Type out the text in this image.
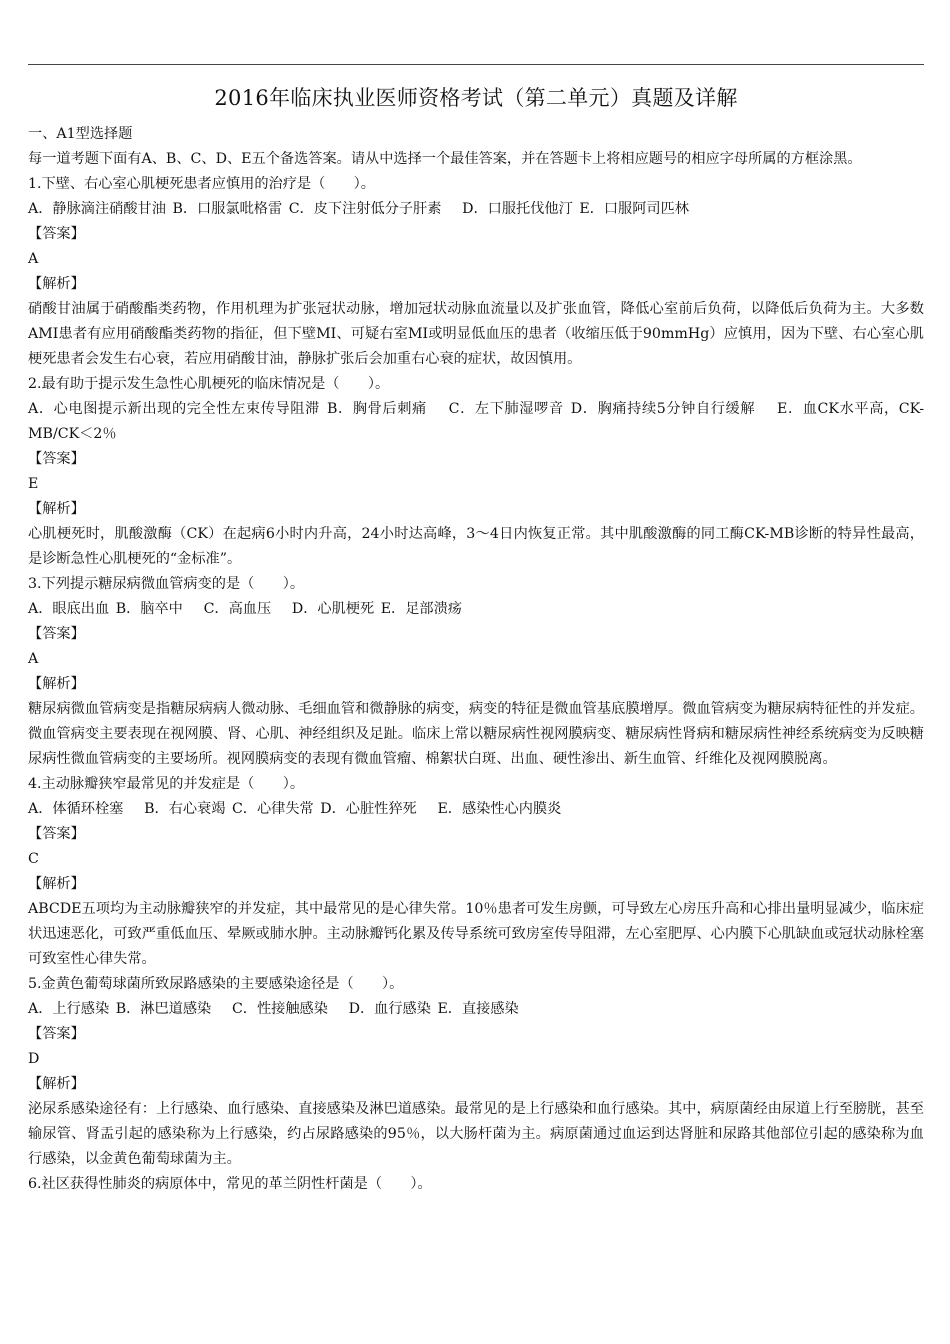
2016年临床执业医师资格考试（第二单元）真题及详解

一、A1型选择题

每一道考题下面有A、B、C、D、E五个备选答案。请从中选择一个最佳答案，并在答题卡上将相应题号的相应字母所属的方框涂黑。

1.下壁、右心室心肌梗死患者应慎用的治疗是（　　）。

A．静脉滴注硝酸甘油 B．口服氯吡格雷 C．皮下注射低分子肝素　 D．口服托伐他汀 E．口服阿司匹林

【答案】

A

【解析】

硝酸甘油属于硝酸酯类药物，作用机理为扩张冠状动脉，增加冠状动脉血流量以及扩张血管，降低心室前后负荷，以降低后负荷为主。大多数AMI患者有应用硝酸酯类药物的指征，但下壁MI、可疑右室MI或明显低血压的患者（收缩压低于90mmHg）应慎用，因为下壁、右心室心肌梗死患者会发生右心衰，若应用硝酸甘油，静脉扩张后会加重右心衰的症状，故因慎用。

2.最有助于提示发生急性心肌梗死的临床情况是（　　）。

A．心电图提示新出现的完全性左束传导阻滞 B．胸骨后刺痛　 C．左下肺湿啰音 D．胸痛持续5分钟自行缓解　 E．血CK水平高，CK-MB/CK＜2％

【答案】

E

【解析】

心肌梗死时，肌酸激酶（CK）在起病6小时内升高，24小时达高峰，3～4日内恢复正常。其中肌酸激酶的同工酶CK-MB诊断的特异性最高，是诊断急性心肌梗死的“金标准”。

3.下列提示糖尿病微血管病变的是（　　）。

A．眼底出血 B．脑卒中　 C．高血压　 D．心肌梗死 E．足部溃疡

【答案】

A

【解析】

糖尿病微血管病变是指糖尿病病人微动脉、毛细血管和微静脉的病变，病变的特征是微血管基底膜增厚。微血管病变为糖尿病特征性的并发症。微血管病变主要表现在视网膜、肾、心肌、神经组织及足趾。临床上常以糖尿病性视网膜病变、糖尿病性肾病和糖尿病性神经系统病变为反映糖尿病性微血管病变的主要场所。视网膜病变的表现有微血管瘤、棉絮状白斑、出血、硬性渗出、新生血管、纤维化及视网膜脱离。

4.主动脉瓣狭窄最常见的并发症是（　　）。

A．体循环栓塞　 B．右心衰竭 C．心律失常 D．心脏性猝死　 E．感染性心内膜炎

【答案】

C

【解析】

ABCDE五项均为主动脉瓣狭窄的并发症，其中最常见的是心律失常。10％患者可发生房颤，可导致左心房压升高和心排出量明显减少，临床症状迅速恶化，可致严重低血压、晕厥或肺水肿。主动脉瓣钙化累及传导系统可致房室传导阻滞，左心室肥厚、心内膜下心肌缺血或冠状动脉栓塞可致室性心律失常。

5.金黄色葡萄球菌所致尿路感染的主要感染途径是（　　）。

A．上行感染 B．淋巴道感染　 C．性接触感染　 D．血行感染 E．直接感染

【答案】

D

【解析】

泌尿系感染途径有：上行感染、血行感染、直接感染及淋巴道感染。最常见的是上行感染和血行感染。其中，病原菌经由尿道上行至膀胱，甚至输尿管、肾盂引起的感染称为上行感染，约占尿路感染的95％，以大肠杆菌为主。病原菌通过血运到达肾脏和尿路其他部位引起的感染称为血行感染，以金黄色葡萄球菌为主。

6.社区获得性肺炎的病原体中，常见的革兰阴性杆菌是（　　）。
